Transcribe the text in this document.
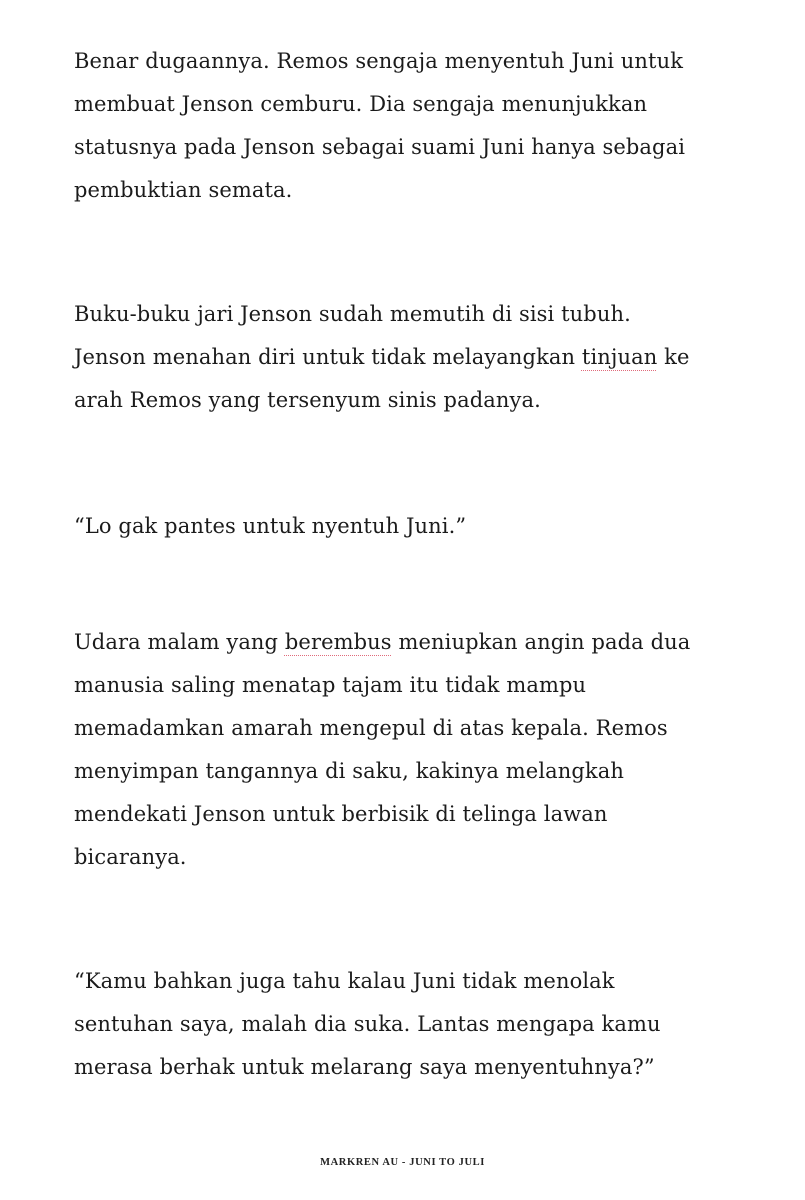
Benar dugaannya. Remos sengaja menyentuh Juni untuk
membuat Jenson cemburu. Dia sengaja menunjukkan
statusnya pada Jenson sebagai suami Juni hanya sebagai
pembuktian semata.
Buku-buku jari Jenson sudah memutih di sisi tubuh.
Jenson menahan diri untuk tidak melayangkan tinjuan ke
arah Remos yang tersenyum sinis padanya.
“Lo gak pantes untuk nyentuh Juni.”
Udara malam yang berembus meniupkan angin pada dua
manusia saling menatap tajam itu tidak mampu
memadamkan amarah mengepul di atas kepala. Remos
menyimpan tangannya di saku, kakinya melangkah
mendekati Jenson untuk berbisik di telinga lawan
bicaranya.
“Kamu bahkan juga tahu kalau Juni tidak menolak
sentuhan saya, malah dia suka. Lantas mengapa kamu
merasa berhak untuk melarang saya menyentuhnya?”
MARKREN AU - JUNI TO JULI
